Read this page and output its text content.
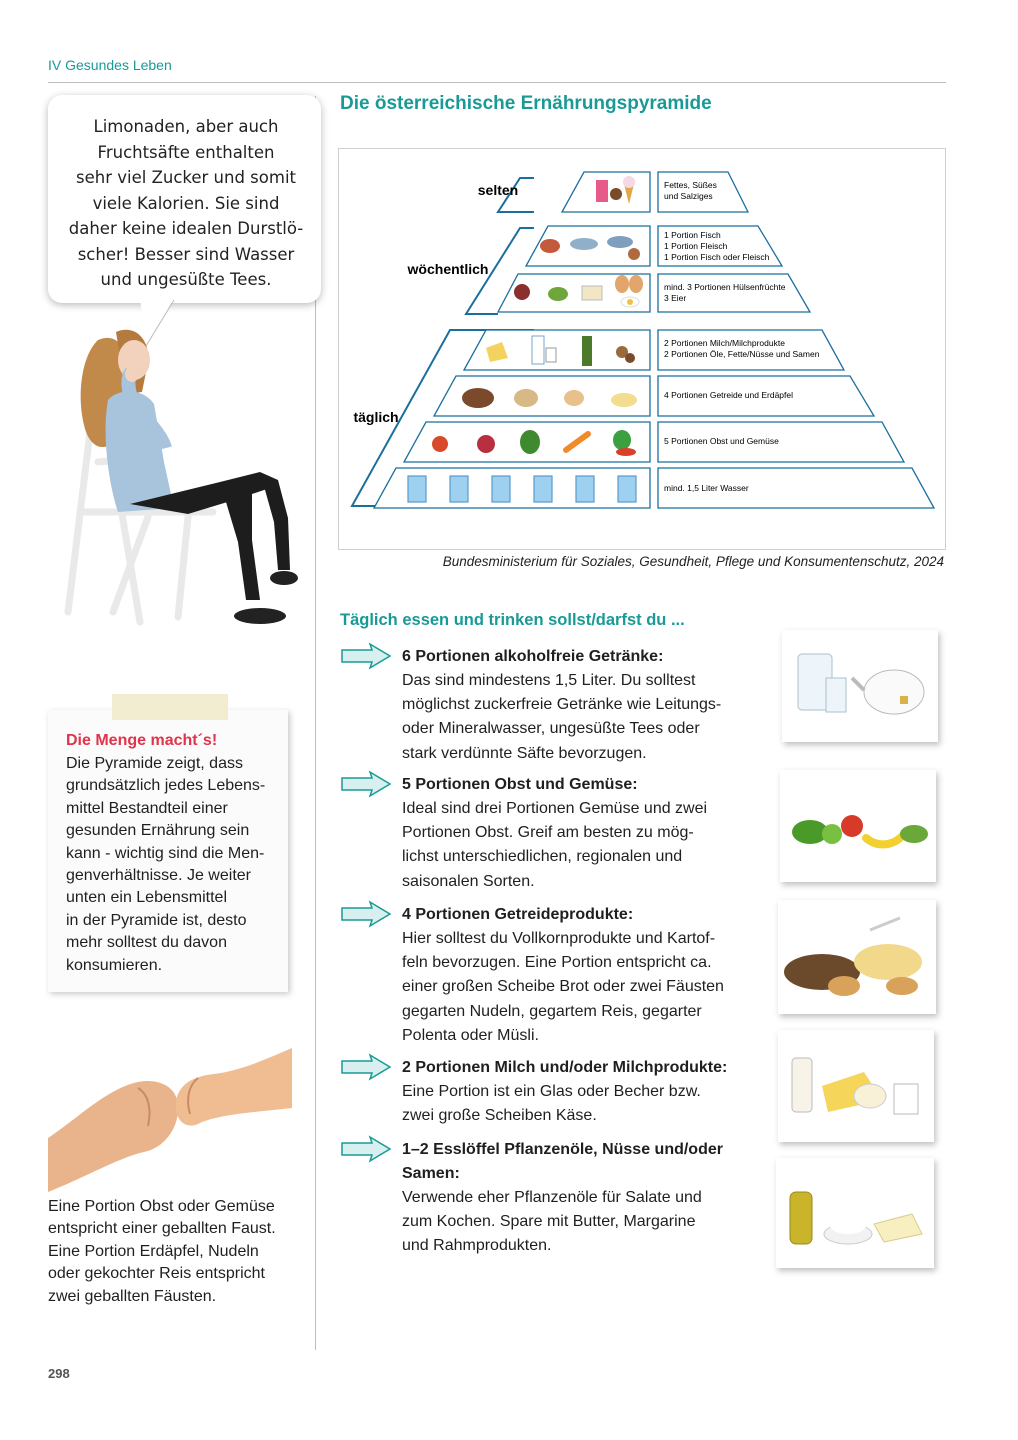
IV Gesundes Leben
Limonaden, aber auch
Fruchtsäfte enthalten
sehr viel Zucker und somit
viele Kalorien. Sie sind
daher keine idealen Durstlö-
scher! Besser sind Wasser
und ungesüßte Tees.
Die Menge macht´s!
Die Pyramide zeigt, dass
grundsätzlich jedes Lebens-
mittel Bestandteil einer
gesunden Ernährung sein
kann - wichtig sind die Men-
genverhältnisse. Je weiter
unten ein Lebensmittel
in der Pyramide ist, desto
mehr solltest du davon
konsumieren.
Eine Portion Obst oder Gemüse
entspricht einer geballten Faust.
Eine Portion Erdäpfel, Nudeln
oder gekochter Reis entspricht
zwei geballten Fäusten.
298
Die österreichische Ernährungspyramide
selten
wöchentlich
täglich
Fettes, Süßes und Salziges
1 Portion Fisch 1 Portion Fleisch 1 Portion Fisch oder Fleisch
mind. 3 Portionen Hülsenfrüchte 3 Eier
2 Portionen Milch/Milchprodukte 2 Portionen Öle, Fette/Nüsse und Samen
4 Portionen Getreide und Erdäpfel
5 Portionen Obst und Gemüse
mind. 1,5 Liter Wasser
Bundesministerium für Soziales, Gesundheit, Pflege und Konsumentenschutz, 2024
Täglich essen und trinken sollst/darfst du ...
6 Portionen alkoholfreie Getränke:
Das sind mindestens 1,5 Liter. Du solltest
möglichst zuckerfreie Getränke wie Leitungs-
oder Mineralwasser, ungesüßte Tees oder
stark verdünnte Säfte bevorzugen.
5 Portionen Obst und Gemüse:
Ideal sind drei Portionen Gemüse und zwei
Portionen Obst. Greif am besten zu mög-
lichst unterschiedlichen, regionalen und
saisonalen Sorten.
4 Portionen Getreideprodukte:
Hier solltest du Vollkornprodukte und Kartof-
feln bevorzugen. Eine Portion entspricht ca.
einer großen Scheibe Brot oder zwei Fäusten
gegarten Nudeln, gegartem Reis, gegarter
Polenta oder Müsli.
2 Portionen Milch und/oder Milchprodukte:
Eine Portion ist ein Glas oder Becher bzw.
zwei große Scheiben Käse.
1–2 Esslöffel Pflanzenöle, Nüsse und/oder
Samen:
Verwende eher Pflanzenöle für Salate und
zum Kochen. Spare mit Butter, Margarine
und Rahmprodukten.
